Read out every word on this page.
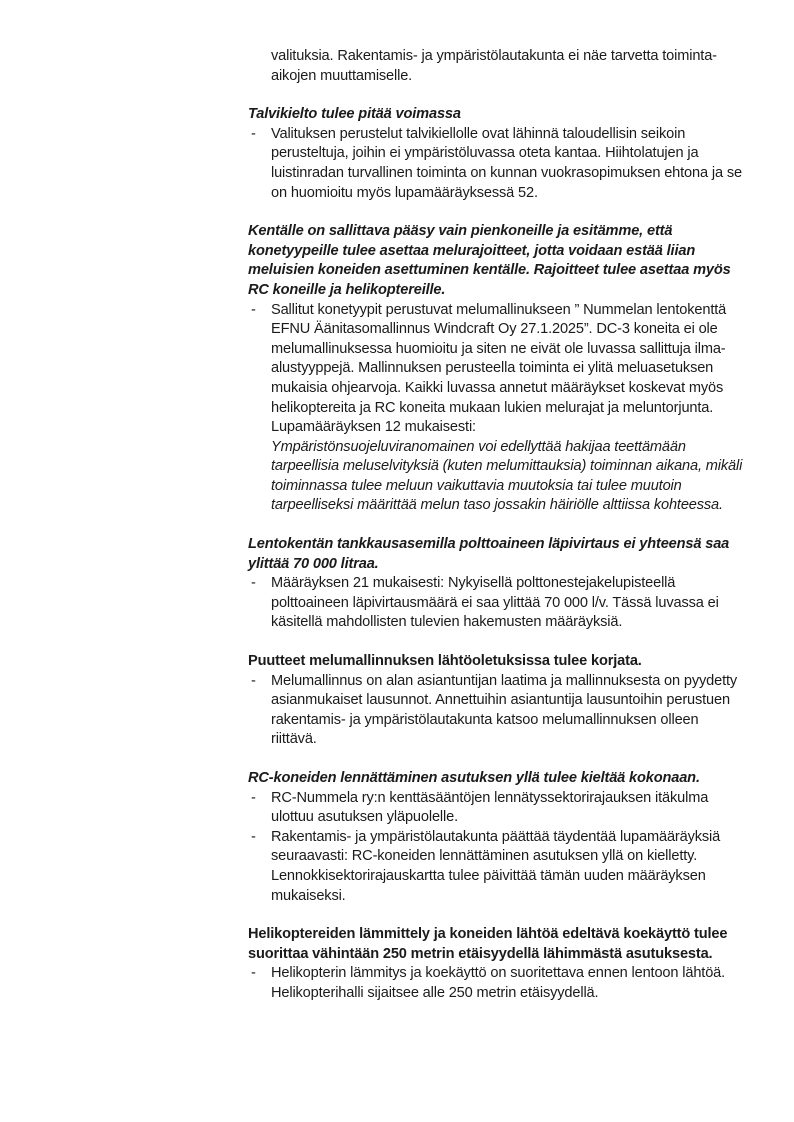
valituksia. Rakentamis- ja ympäristölautakunta ei näe tarvetta toiminta-aikojen muuttamiselle.

Talvikielto tulee pitää voimassa
-	Valituksen perustelut talvikiellolle ovat lähinnä taloudellisin seikoin perusteltuja, joihin ei ympäristöluvassa oteta kantaa. Hiihtolatujen ja luistinradan turvallinen toiminta on kunnan vuokrasopimuksen ehtona ja se on huomioitu myös lupamääräyksessä 52.

Kentälle on sallittava pääsy vain pienkoneille ja esitämme, että konetyypeille tulee asettaa melurajoitteet, jotta voidaan estää liian meluisien koneiden asettuminen kentälle. Rajoitteet tulee asettaa myös RC koneille ja helikoptereille.
-	Sallitut konetyypit perustuvat melumallinukseen ” Nummelan lentokenttä EFNU Äänitasomallinnus Windcraft Oy 27.1.2025”. DC-3 koneita ei ole melumallinuksessa huomioitu ja siten ne eivät ole luvassa sallittuja ilma-alustyyppejä. Mallinnuksen perusteella toiminta ei ylitä meluasetuksen mukaisia ohjearvoja. Kaikki luvassa annetut määräykset koskevat myös helikoptereita ja RC koneita mukaan lukien melurajat ja meluntorjunta. Lupamääräyksen 12 mukaisesti:

Ympäristönsuojeluviranomainen voi edellyttää hakijaa teettämään tarpeellisia meluselvityksiä (kuten melumittauksia) toiminnan aikana, mikäli toiminnassa tulee meluun vaikuttavia muutoksia tai tulee muutoin tarpeelliseksi määrittää melun taso jossakin häiriölle alttiissa kohteessa.

Lentokentän tankkausasemilla polttoaineen läpivirtaus ei yhteensä saa ylittää 70 000 litraa.
-	Määräyksen 21 mukaisesti: Nykyisellä polttonestejakelupisteellä polttoaineen läpivirtausmäärä ei saa ylittää 70 000 l/v. Tässä luvassa ei käsitellä mahdollisten tulevien hakemusten määräyksiä.

Puutteet melumallinnuksen lähtöoletuksissa tulee korjata.
-	Melumallinnus on alan asiantuntijan laatima ja mallinnuksesta on pyydetty asianmukaiset lausunnot. Annettuihin asiantuntija lausuntoihin perustuen rakentamis- ja ympäristölautakunta katsoo melumallinnuksen olleen riittävä.

RC-koneiden lennättäminen asutuksen yllä tulee kieltää kokonaan.
-	RC-Nummela ry:n kenttäsääntöjen lennätyssektorirajauksen itäkulma ulottuu asutuksen yläpuolelle.

-	Rakentamis- ja ympäristölautakunta päättää täydentää lupamääräyksiä seuraavasti: RC-koneiden lennättäminen asutuksen yllä on kielletty. Lennokkisektorirajauskartta tulee päivittää tämän uuden määräyksen mukaiseksi.

Helikoptereiden lämmittely ja koneiden lähtöä edeltävä koekäyttö tulee suorittaa vähintään 250 metrin etäisyydellä lähimmästä asutuksesta.
-	Helikopterin lämmitys ja koekäyttö on suoritettava ennen lentoon lähtöä. Helikopterihalli sijaitsee alle 250 metrin etäisyydellä.
